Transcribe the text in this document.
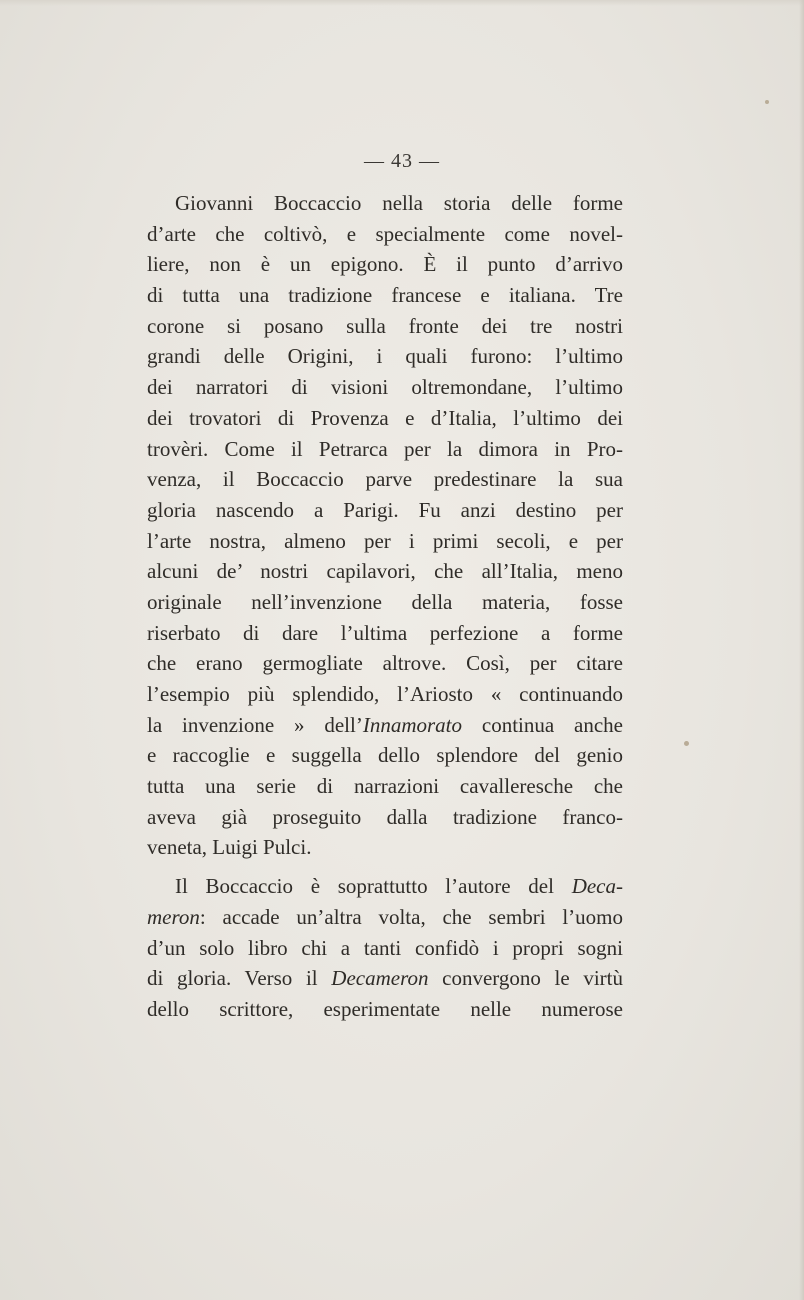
— 43 —
Giovanni Boccaccio nella storia delle forme
d’arte che coltivò, e specialmente come novel-
liere, non è un epigono. È il punto d’arrivo
di tutta una tradizione francese e italiana. Tre
corone si posano sulla fronte dei tre nostri
grandi delle Origini, i quali furono: l’ultimo
dei narratori di visioni oltremondane, l’ultimo
dei trovatori di Provenza e d’Italia, l’ultimo dei
trovèri. Come il Petrarca per la dimora in Pro-
venza, il Boccaccio parve predestinare la sua
gloria nascendo a Parigi. Fu anzi destino per
l’arte nostra, almeno per i primi secoli, e per
alcuni de’ nostri capilavori, che all’Italia, meno
originale nell’invenzione della materia, fosse
riserbato di dare l’ultima perfezione a forme
che erano germogliate altrove. Così, per citare
l’esempio più splendido, l’Ariosto « continuando
la invenzione » dell’Innamorato continua anche
e raccoglie e suggella dello splendore del genio
tutta una serie di narrazioni cavalleresche che
aveva già proseguito dalla tradizione franco-
veneta, Luigi Pulci.
Il Boccaccio è soprattutto l’autore del Deca-
meron: accade un’altra volta, che sembri l’uomo
d’un solo libro chi a tanti confidò i propri sogni
di gloria. Verso il Decameron convergono le virtù
dello scrittore, esperimentate nelle numerose
